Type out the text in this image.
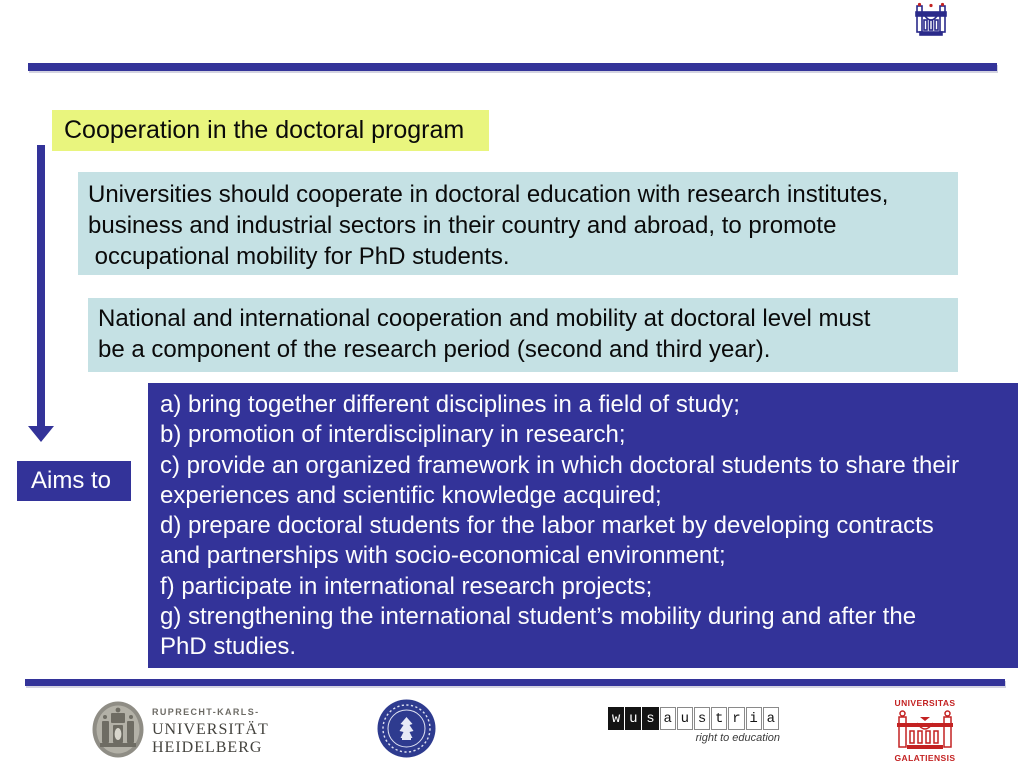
Cooperation in the doctoral program
Universities should cooperate in doctoral education with research institutes,
business and industrial sectors in their country and abroad, to promote
occupational mobility for PhD students.
National and international cooperation and mobility at doctoral level must
be a component of the research period (second and third year).
a) bring together different disciplines in a field of study;
b) promotion of interdisciplinary in research;
c) provide an organized framework in which doctoral students to share their
experiences and scientific knowledge acquired;
d) prepare doctoral students for the labor market by developing contracts
and partnerships with socio-economical environment;
f) participate in international research projects;
g) strengthening the international student’s mobility during and after the
PhD studies.
Aims to
RUPRECHT-KARLS-
UNIVERSITÄT
HEIDELBERG
w u s a u s t r i a
right to education
UNIVERSITAS
GALATIENSIS
